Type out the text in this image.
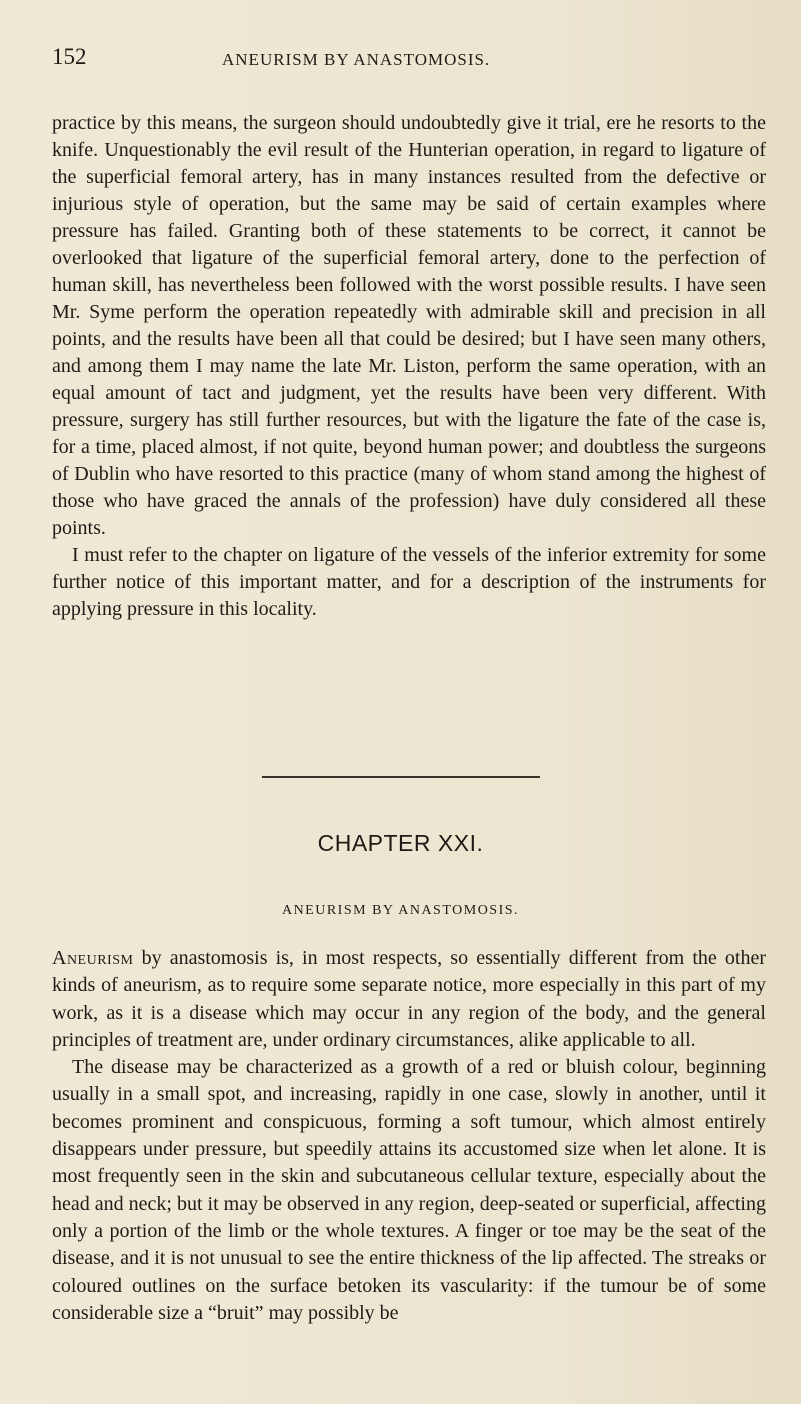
152	ANEURISM BY ANASTOMOSIS.

practice by this means, the surgeon should undoubtedly give it trial, ere he resorts to the knife. Unquestionably the evil result of the Hunterian operation, in regard to ligature of the superficial femoral artery, has in many instances resulted from the defective or injurious style of operation, but the same may be said of certain examples where pressure has failed. Granting both of these statements to be correct, it cannot be overlooked that ligature of the superficial femoral artery, done to the perfection of human skill, has nevertheless been followed with the worst possible results. I have seen Mr. Syme perform the operation repeatedly with admirable skill and precision in all points, and the results have been all that could be desired; but I have seen many others, and among them I may name the late Mr. Liston, perform the same operation, with an equal amount of tact and judgment, yet the results have been very different. With pressure, surgery has still further resources, but with the ligature the fate of the case is, for a time, placed almost, if not quite, beyond human power; and doubtless the surgeons of Dublin who have resorted to this practice (many of whom stand among the highest of those who have graced the annals of the profession) have duly considered all these points.

I must refer to the chapter on ligature of the vessels of the inferior extremity for some further notice of this important matter, and for a description of the instruments for applying pressure in this locality.

CHAPTER XXI.
ANEURISM BY ANASTOMOSIS.

Aneurism by anastomosis is, in most respects, so essentially different from the other kinds of aneurism, as to require some separate notice, more especially in this part of my work, as it is a disease which may occur in any region of the body, and the general principles of treatment are, under ordinary circumstances, alike applicable to all.

The disease may be characterized as a growth of a red or bluish colour, beginning usually in a small spot, and increasing, rapidly in one case, slowly in another, until it becomes prominent and conspicuous, forming a soft tumour, which almost entirely disappears under pressure, but speedily attains its accustomed size when let alone. It is most frequently seen in the skin and subcutaneous cellular texture, especially about the head and neck; but it may be observed in any region, deep-seated or superficial, affecting only a portion of the limb or the whole textures. A finger or toe may be the seat of the disease, and it is not unusual to see the entire thickness of the lip affected. The streaks or coloured outlines on the surface betoken its vascularity: if the tumour be of some considerable size a “bruit” may possibly be
